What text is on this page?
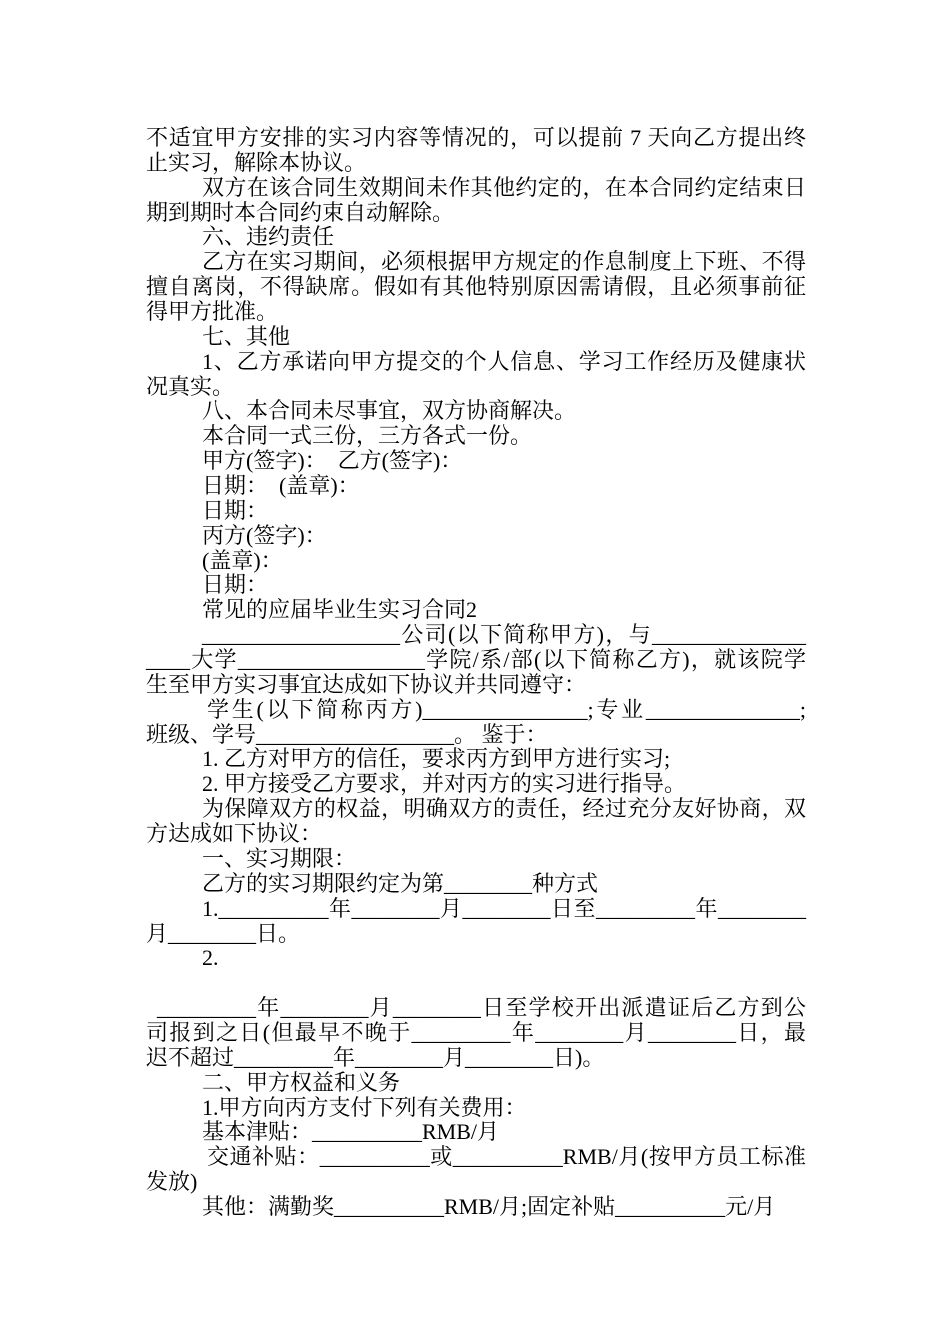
不适宜甲方安排的实习内容等情况的，可以提前 7 天向乙方提出终
止实习，解除本协议。
双方在该合同生效期间未作其他约定的，在本合同约定结束日
期到期时本合同约束自动解除。
六、违约责任
乙方在实习期间，必须根据甲方规定的作息制度上下班、不得
擅自离岗，不得缺席。假如有其他特别原因需请假，且必须事前征
得甲方批准。
七、其他
1、乙方承诺向甲方提交的个人信息、学习工作经历及健康状
况真实。
八、本合同未尽事宜，双方协商解决。
本合同一式三份，三方各式一份。
甲方(签字)：  乙方(签字)：
日期：  (盖章)：
日期：
丙方(签字)：
(盖章)：
日期：
常见的应届毕业生实习合同2
__________________公司(以下简称甲方)，与______________
____大学_________________学院/系/部(以下简称乙方)，就该院学
生至甲方实习事宜达成如下协议并共同遵守：
学生(以下简称丙方)_______________;专业______________;
班级、学号__________________。 鉴于：
1. 乙方对甲方的信任，要求丙方到甲方进行实习;
2. 甲方接受乙方要求，并对丙方的实习进行指导。
为保障双方的权益，明确双方的责任，经过充分友好协商，双
方达成如下协议：
一、实习期限：
乙方的实习期限约定为第________种方式
1.__________年________月________日至_________年________
月________日。
2.
_________年________月________日至学校开出派遣证后乙方到公
司报到之日(但最早不晚于_________年________月________日，最
迟不超过_________年________月________日)。
二、甲方权益和义务
1.甲方向丙方支付下列有关费用：
基本津贴：__________RMB/月
交通补贴：__________或__________RMB/月(按甲方员工标准
发放)
其他：满勤奖__________RMB/月;固定补贴__________元/月
